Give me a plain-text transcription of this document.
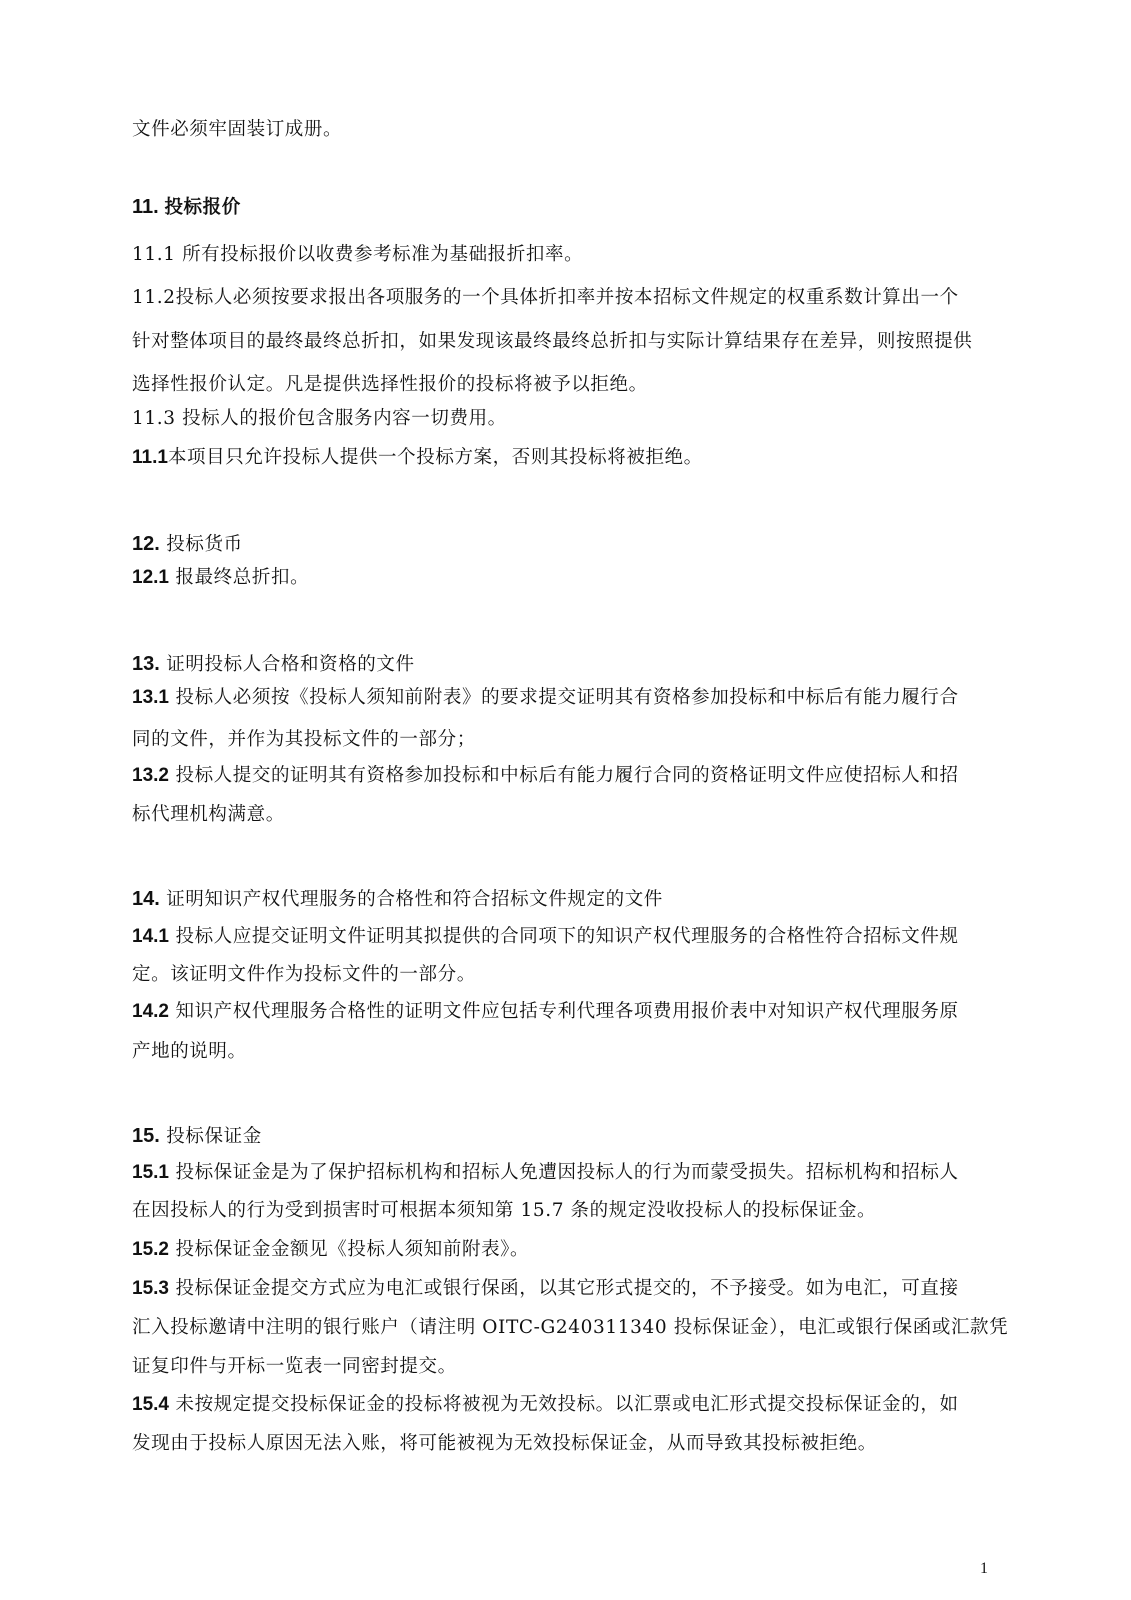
文件必须牢固装订成册。
11. 投标报价
11.1 所有投标报价以收费参考标准为基础报折扣率。
11.2投标人必须按要求报出各项服务的一个具体折扣率并按本招标文件规定的权重系数计算出一个
针对整体项目的最终最终总折扣，如果发现该最终最终总折扣与实际计算结果存在差异，则按照提供
选择性报价认定。凡是提供选择性报价的投标将被予以拒绝。
11.3 投标人的报价包含服务内容一切费用。
11.1本项目只允许投标人提供一个投标方案，否则其投标将被拒绝。
12. 投标货币
12.1 报最终总折扣。
13. 证明投标人合格和资格的文件
13.1 投标人必须按《投标人须知前附表》的要求提交证明其有资格参加投标和中标后有能力履行合
同的文件，并作为其投标文件的一部分；
13.2 投标人提交的证明其有资格参加投标和中标后有能力履行合同的资格证明文件应使招标人和招
标代理机构满意。
14. 证明知识产权代理服务的合格性和符合招标文件规定的文件
14.1 投标人应提交证明文件证明其拟提供的合同项下的知识产权代理服务的合格性符合招标文件规
定。该证明文件作为投标文件的一部分。
14.2 知识产权代理服务合格性的证明文件应包括专利代理各项费用报价表中对知识产权代理服务原
产地的说明。
15. 投标保证金
15.1 投标保证金是为了保护招标机构和招标人免遭因投标人的行为而蒙受损失。招标机构和招标人
在因投标人的行为受到损害时可根据本须知第 15.7 条的规定没收投标人的投标保证金。
15.2 投标保证金金额见《投标人须知前附表》。
15.3 投标保证金提交方式应为电汇或银行保函，以其它形式提交的，不予接受。如为电汇，可直接
汇入投标邀请中注明的银行账户（请注明 OITC-G240311340 投标保证金），电汇或银行保函或汇款凭
证复印件与开标一览表一同密封提交。
15.4 未按规定提交投标保证金的投标将被视为无效投标。以汇票或电汇形式提交投标保证金的，如
发现由于投标人原因无法入账，将可能被视为无效投标保证金，从而导致其投标被拒绝。
1
